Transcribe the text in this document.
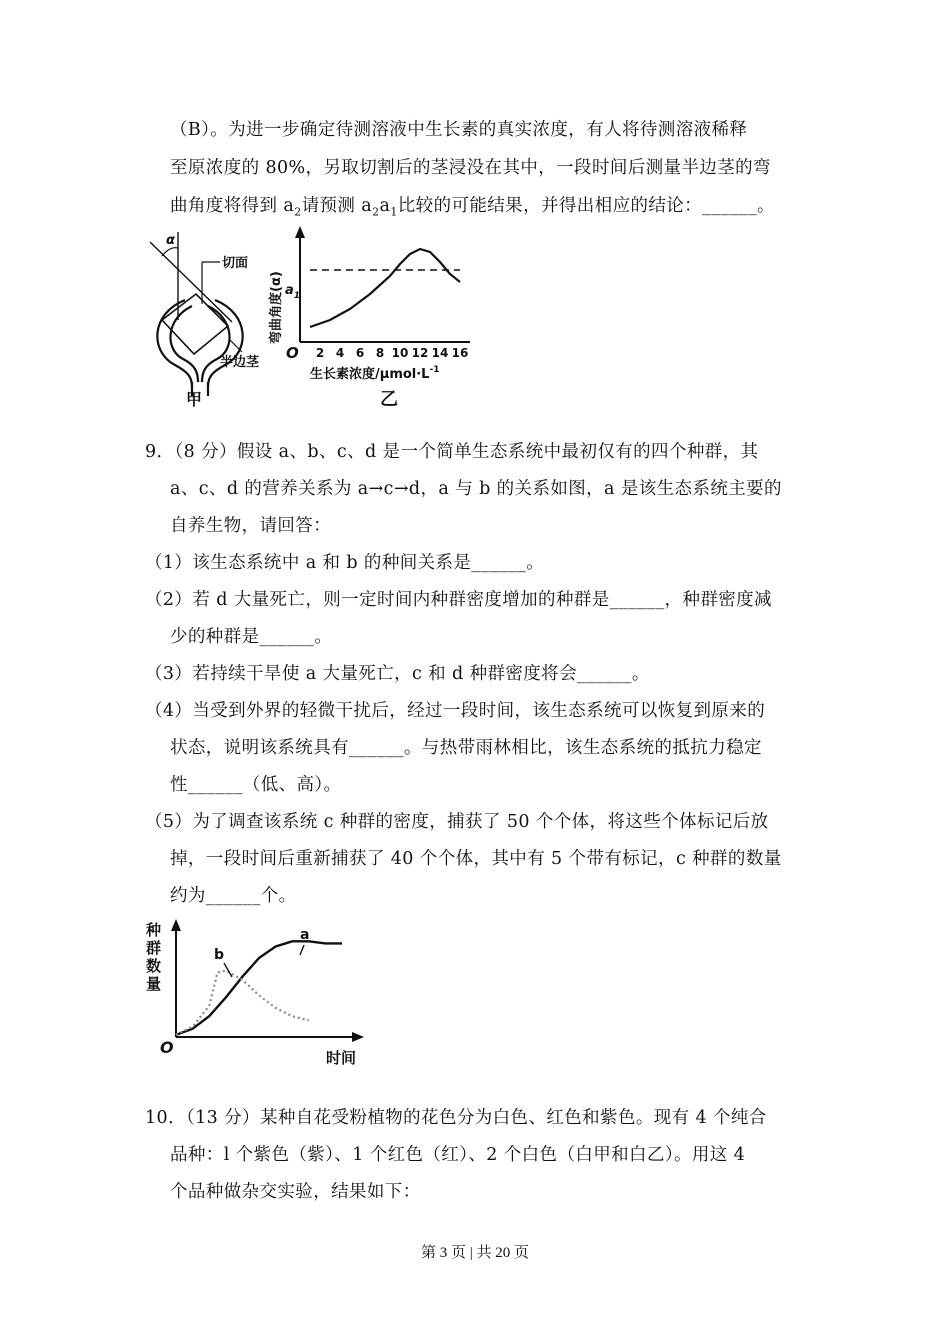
（B）。为进一步确定待测溶液中生长素的真实浓度，有人将待测溶液稀释
至原浓度的 80%，另取切割后的茎浸没在其中，一段时间后测量半边茎的弯
曲角度将得到 $a_2$请预测 $a_2a_1$比较的可能结果，并得出相应的结论：______。
α
切面
半边茎
甲
2 4 6 8 10 12 14 16
弯曲角度(α) $a_1$
O
生长素浓度$/\mu mol\cdot L^{-1}$
乙
9．（8 分）假设 a、b、c、d 是一个简单生态系统中最初仅有的四个种群，其
a、c、d 的营养关系为 a→c→d，a 与 b 的关系如图，a 是该生态系统主要的
自养生物，请回答：
（1）该生态系统中 a 和 b 的种间关系是______。
（2）若 d 大量死亡，则一定时间内种群密度增加的种群是______，种群密度减
少的种群是______。
（3）若持续干旱使 a 大量死亡，c 和 d 种群密度将会______。
（4）当受到外界的轻微干扰后，经过一段时间，该生态系统可以恢复到原来的
状态，说明该系统具有______。与热带雨林相比，该生态系统的抵抗力稳定
性______（低、高）。
（5）为了调查该系统 c 种群的密度，捕获了 50 个个体，将这些个体标记后放
掉，一段时间后重新捕获了 40 个个体，其中有 5 个带有标记，c 种群的数量
约为______个。
种
群
数
量
a
b
O
时间
10．（13 分）某种自花受粉植物的花色分为白色、红色和紫色。现有 4 个纯合
品种：l 个紫色（紫）、1 个红色（红）、2 个白色（白甲和白乙）。用这 4
个品种做杂交实验，结果如下：
第 3 页 | 共 20 页
